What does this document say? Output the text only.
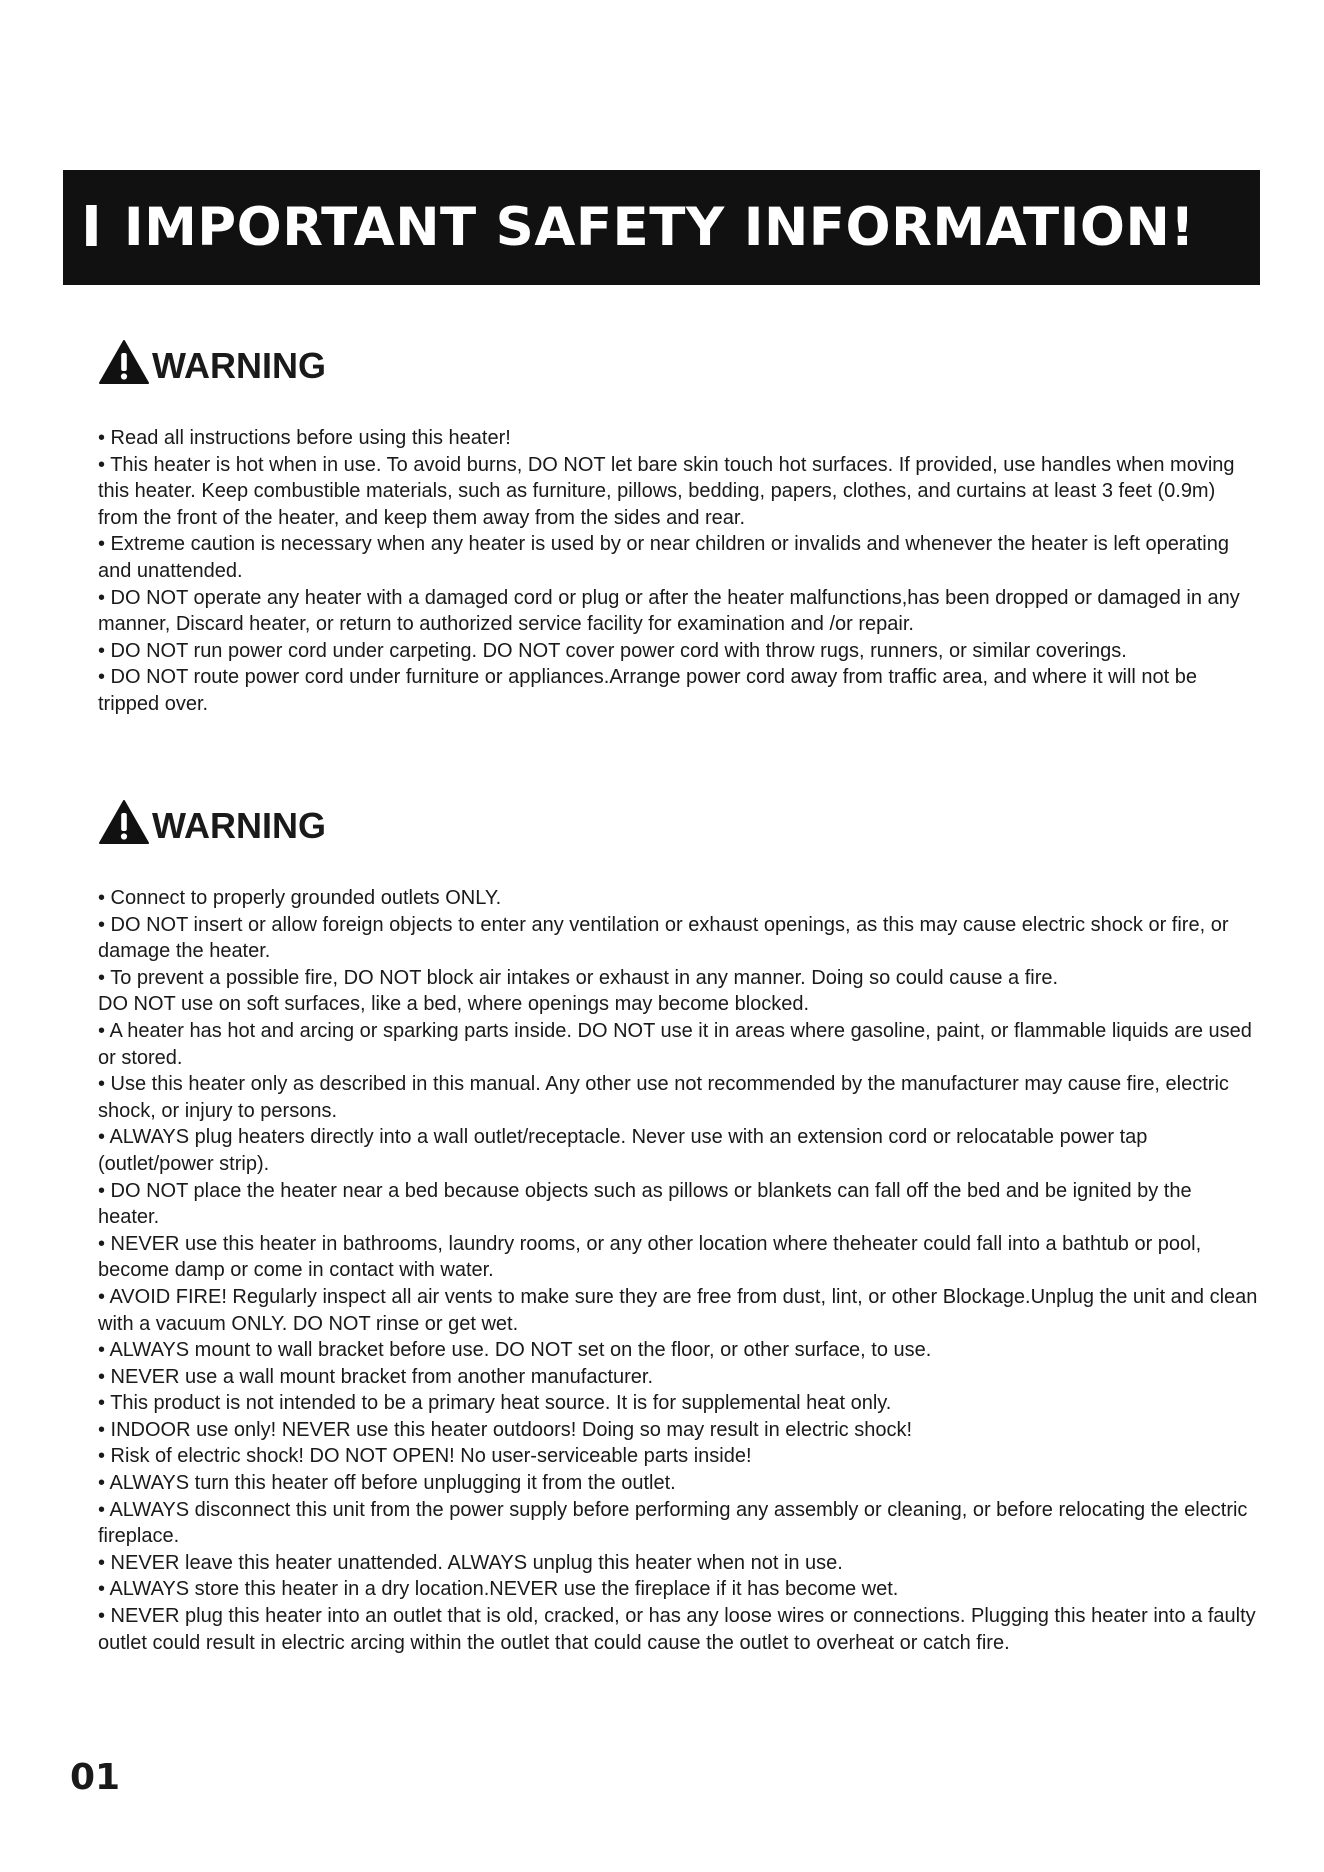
I IMPORTANT SAFETY INFORMATION!
WARNING

• Read all instructions before using this heater!

• This heater is hot when in use. To avoid burns, DO NOT let bare skin touch hot surfaces. If provided, use handles when moving this heater. Keep combustible materials, such as furniture, pillows, bedding, papers, clothes, and curtains at least 3 feet (0.9m) from the front of the heater, and keep them away from the sides and rear.

• Extreme caution is necessary when any heater is used by or near children or invalids and whenever the heater is left operating and unattended.

• DO NOT operate any heater with a damaged cord or plug or after the heater malfunctions,has been dropped or damaged in any manner, Discard heater, or return to authorized service facility for examination and /or repair.

• DO NOT run power cord under carpeting. DO NOT cover power cord with throw rugs, runners, or similar coverings.

• DO NOT route power cord under furniture or appliances.Arrange power cord away from traffic area, and where it will not be tripped over.

WARNING

• Connect to properly grounded outlets ONLY.

• DO NOT insert or allow foreign objects to enter any ventilation or exhaust openings, as this may cause electric shock or fire, or damage the heater.

• To prevent a possible fire, DO NOT block air intakes or exhaust in any manner. Doing so could cause a fire.
DO NOT use on soft surfaces, like a bed, where openings may become blocked.

• A heater has hot and arcing or sparking parts inside. DO NOT use it in areas where gasoline, paint, or flammable liquids are used or stored.

• Use this heater only as described in this manual. Any other use not recommended by the manufacturer may cause fire, electric shock, or injury to persons.

• ALWAYS plug heaters directly into a wall outlet/receptacle. Never use with an extension cord or relocatable power tap (outlet/power strip).

• DO NOT place the heater near a bed because objects such as pillows or blankets can fall off the bed and be ignited by the heater.

• NEVER use this heater in bathrooms, laundry rooms, or any other location where theheater could fall into a bathtub or pool, become damp or come in contact with water.

• AVOID FIRE! Regularly inspect all air vents to make sure they are free from dust, lint, or other Blockage.Unplug the unit and clean with a vacuum ONLY. DO NOT rinse or get wet.

• ALWAYS mount to wall bracket before use. DO NOT set on the floor, or other surface, to use.

• NEVER use a wall mount bracket from another manufacturer.

• This product is not intended to be a primary heat source. It is for supplemental heat only.

• INDOOR use only! NEVER use this heater outdoors! Doing so may result in electric shock!

• Risk of electric shock! DO NOT OPEN! No user-serviceable parts inside!

• ALWAYS turn this heater off before unplugging it from the outlet.

• ALWAYS disconnect this unit from the power supply before performing any assembly or cleaning, or before relocating the electric fireplace.

• NEVER leave this heater unattended. ALWAYS unplug this heater when not in use.

• ALWAYS store this heater in a dry location.NEVER use the fireplace if it has become wet.

• NEVER plug this heater into an outlet that is old, cracked, or has any loose wires or connections. Plugging this heater into a faulty outlet could result in electric arcing within the outlet that could cause the outlet to overheat or catch fire.

01
